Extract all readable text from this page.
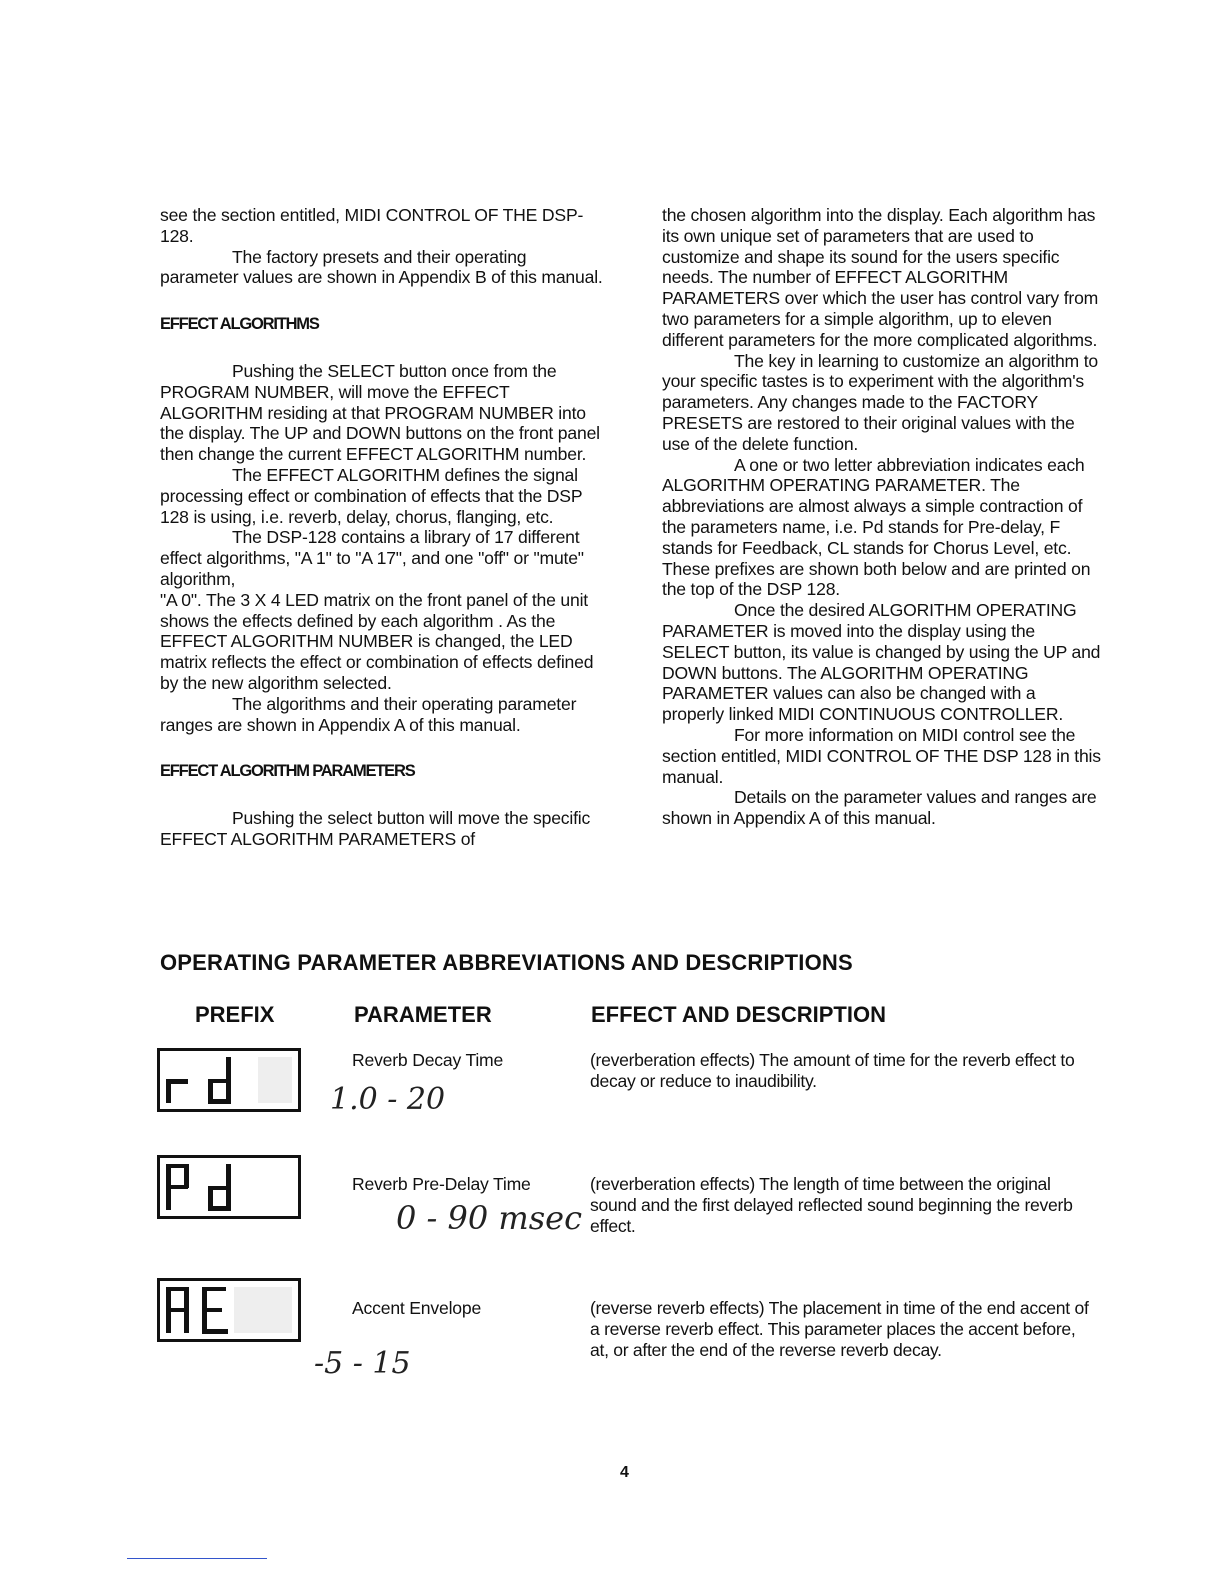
see the section entitled, MIDI CONTROL OF THE DSP-128.

The factory presets and their operating parameter values are shown in Appendix B of this manual.

EFFECT ALGORITHMS

Pushing the SELECT button once from the PROGRAM NUMBER, will move the EFFECT ALGORITHM residing at that PROGRAM NUMBER into the display. The UP and DOWN buttons on the front panel then change the current EFFECT ALGORITHM number.

The EFFECT ALGORITHM defines the signal processing effect or combination of effects that the DSP 128 is using, i.e. reverb, delay, chorus, flanging, etc.

The DSP-128 contains a library of 17 different effect algorithms, "A 1" to "A 17", and one "off" or "mute" algorithm,

"A 0". The 3 X 4 LED matrix on the front panel of the unit shows the effects defined by each algorithm . As the EFFECT ALGORITHM NUMBER is changed, the LED matrix reflects the effect or combination of effects defined by the new algorithm selected.

The algorithms and their operating parameter ranges are shown in Appendix A of this manual.

EFFECT ALGORITHM PARAMETERS

Pushing the select button will move the specific EFFECT ALGORITHM PARAMETERS of

the chosen algorithm into the display. Each algorithm has its own unique set of parameters that are used to customize and shape its sound for the users specific needs. The number of EFFECT ALGORITHM PARAMETERS over which the user has control vary from two parameters for a simple algorithm, up to eleven different parameters for the more complicated algorithms.

The key in learning to customize an algorithm to your specific tastes is to experiment with the algorithm's parameters. Any changes made to the FACTORY PRESETS are restored to their original values with the use of the delete function.

A one or two letter abbreviation indicates each ALGORITHM OPERATING PARAMETER. The abbreviations are almost always a simple contraction of the parameters name, i.e. Pd stands for Pre-delay, F stands for Feedback, CL stands for Chorus Level, etc. These prefixes are shown both below and are printed on the top of the DSP 128.

Once the desired ALGORITHM OPERATING PARAMETER is moved into the display using the SELECT button, its value is changed by using the UP and DOWN buttons. The ALGORITHM OPERATING PARAMETER values can also be changed with a properly linked MIDI CONTINUOUS CONTROLLER.

For more information on MIDI control see the section entitled, MIDI CONTROL OF THE DSP 128 in this manual.

Details on the parameter values and ranges are shown in Appendix A of this manual.

OPERATING PARAMETER ABBREVIATIONS AND DESCRIPTIONS
PREFIX	PARAMETER	EFFECT AND DESCRIPTION
Reverb Decay Time
1.0 - 20
(reverberation effects) The amount of time for the reverb effect to decay or reduce to inaudibility.
Reverb Pre-Delay Time
0 - 90 msec
(reverberation effects) The length of time between the original sound and the first delayed reflected sound beginning the reverb effect.
Accent Envelope
-5 - 15
(reverse reverb effects) The placement in time of the end accent of a reverse reverb effect. This parameter places the accent before, at, or after the end of the reverse reverb decay.
4
